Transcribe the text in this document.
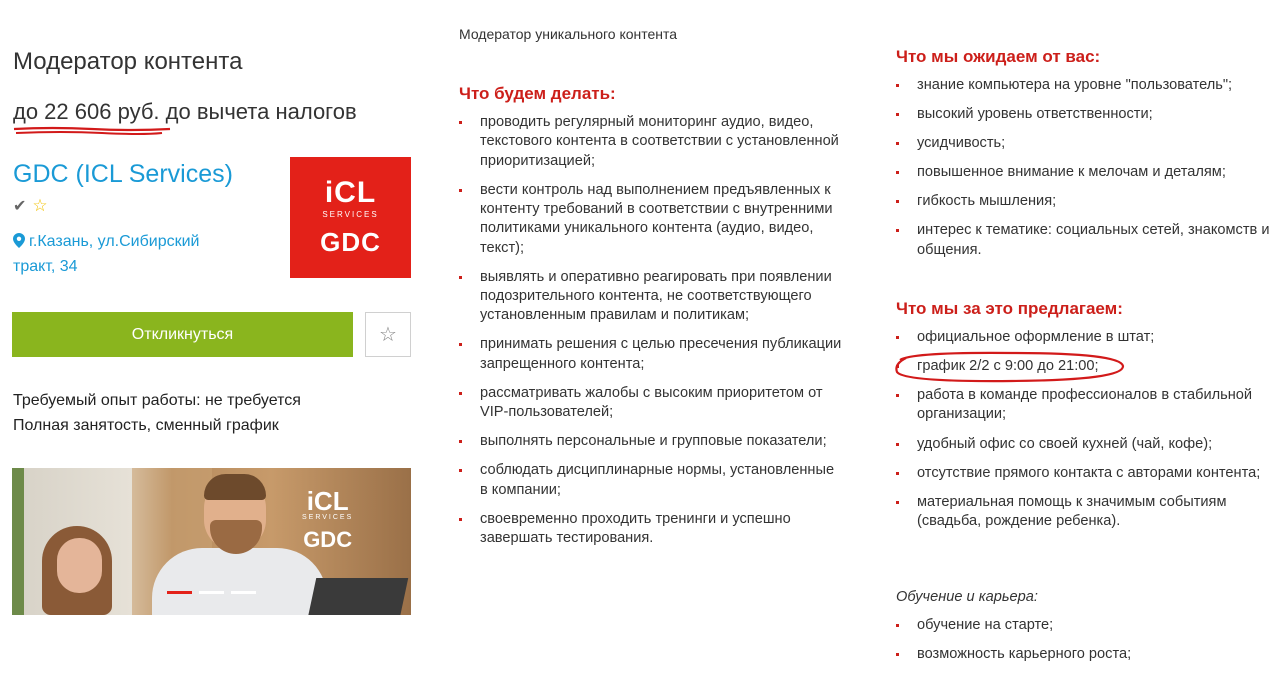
Модератор контента
до 22 606 руб. до вычета налогов
GDC (ICL Services)
✔ ☆
г.Казань, ул.Сибирский тракт, 34
iCL
SERVICES
GDC
Откликнуться	☆
Требуемый опыт работы: не требуется
Полная занятость, сменный график
iCL
SERVICES
GDC
Модератор уникального контента
Что будем делать:
проводить регулярный мониторинг аудио, видео, текстового контента в соответствии с установленной приоритизацией;
вести контроль над выполнением предъявленных к контенту требований в соответствии с внутренними политиками уникального контента (аудио, видео, текст);
выявлять и оперативно реагировать при появлении подозрительного контента, не соответствующего установленным правилам и политикам;
принимать решения с целью пресечения публикации запрещенного контента;
рассматривать жалобы с высоким приоритетом от VIP-пользователей;
выполнять персональные и групповые показатели;
соблюдать дисциплинарные нормы, установленные в компании;
своевременно проходить тренинги и успешно завершать тестирования.
Что мы ожидаем от вас:
знание компьютера на уровне "пользователь";
высокий уровень ответственности;
усидчивость;
повышенное внимание к мелочам и деталям;
гибкость мышления;
интерес к тематике: социальных сетей, знакомств и общения.
Что мы за это предлагаем:
официальное оформление в штат;
график 2/2 с 9:00 до 21:00;
работа в команде профессионалов в стабильной организации;
удобный офис со своей кухней (чай, кофе);
отсутствие прямого контакта с авторами контента;
материальная помощь к значимым событиям (свадьба, рождение ребенка).
Обучение и карьера:
обучение на старте;
возможность карьерного роста;
